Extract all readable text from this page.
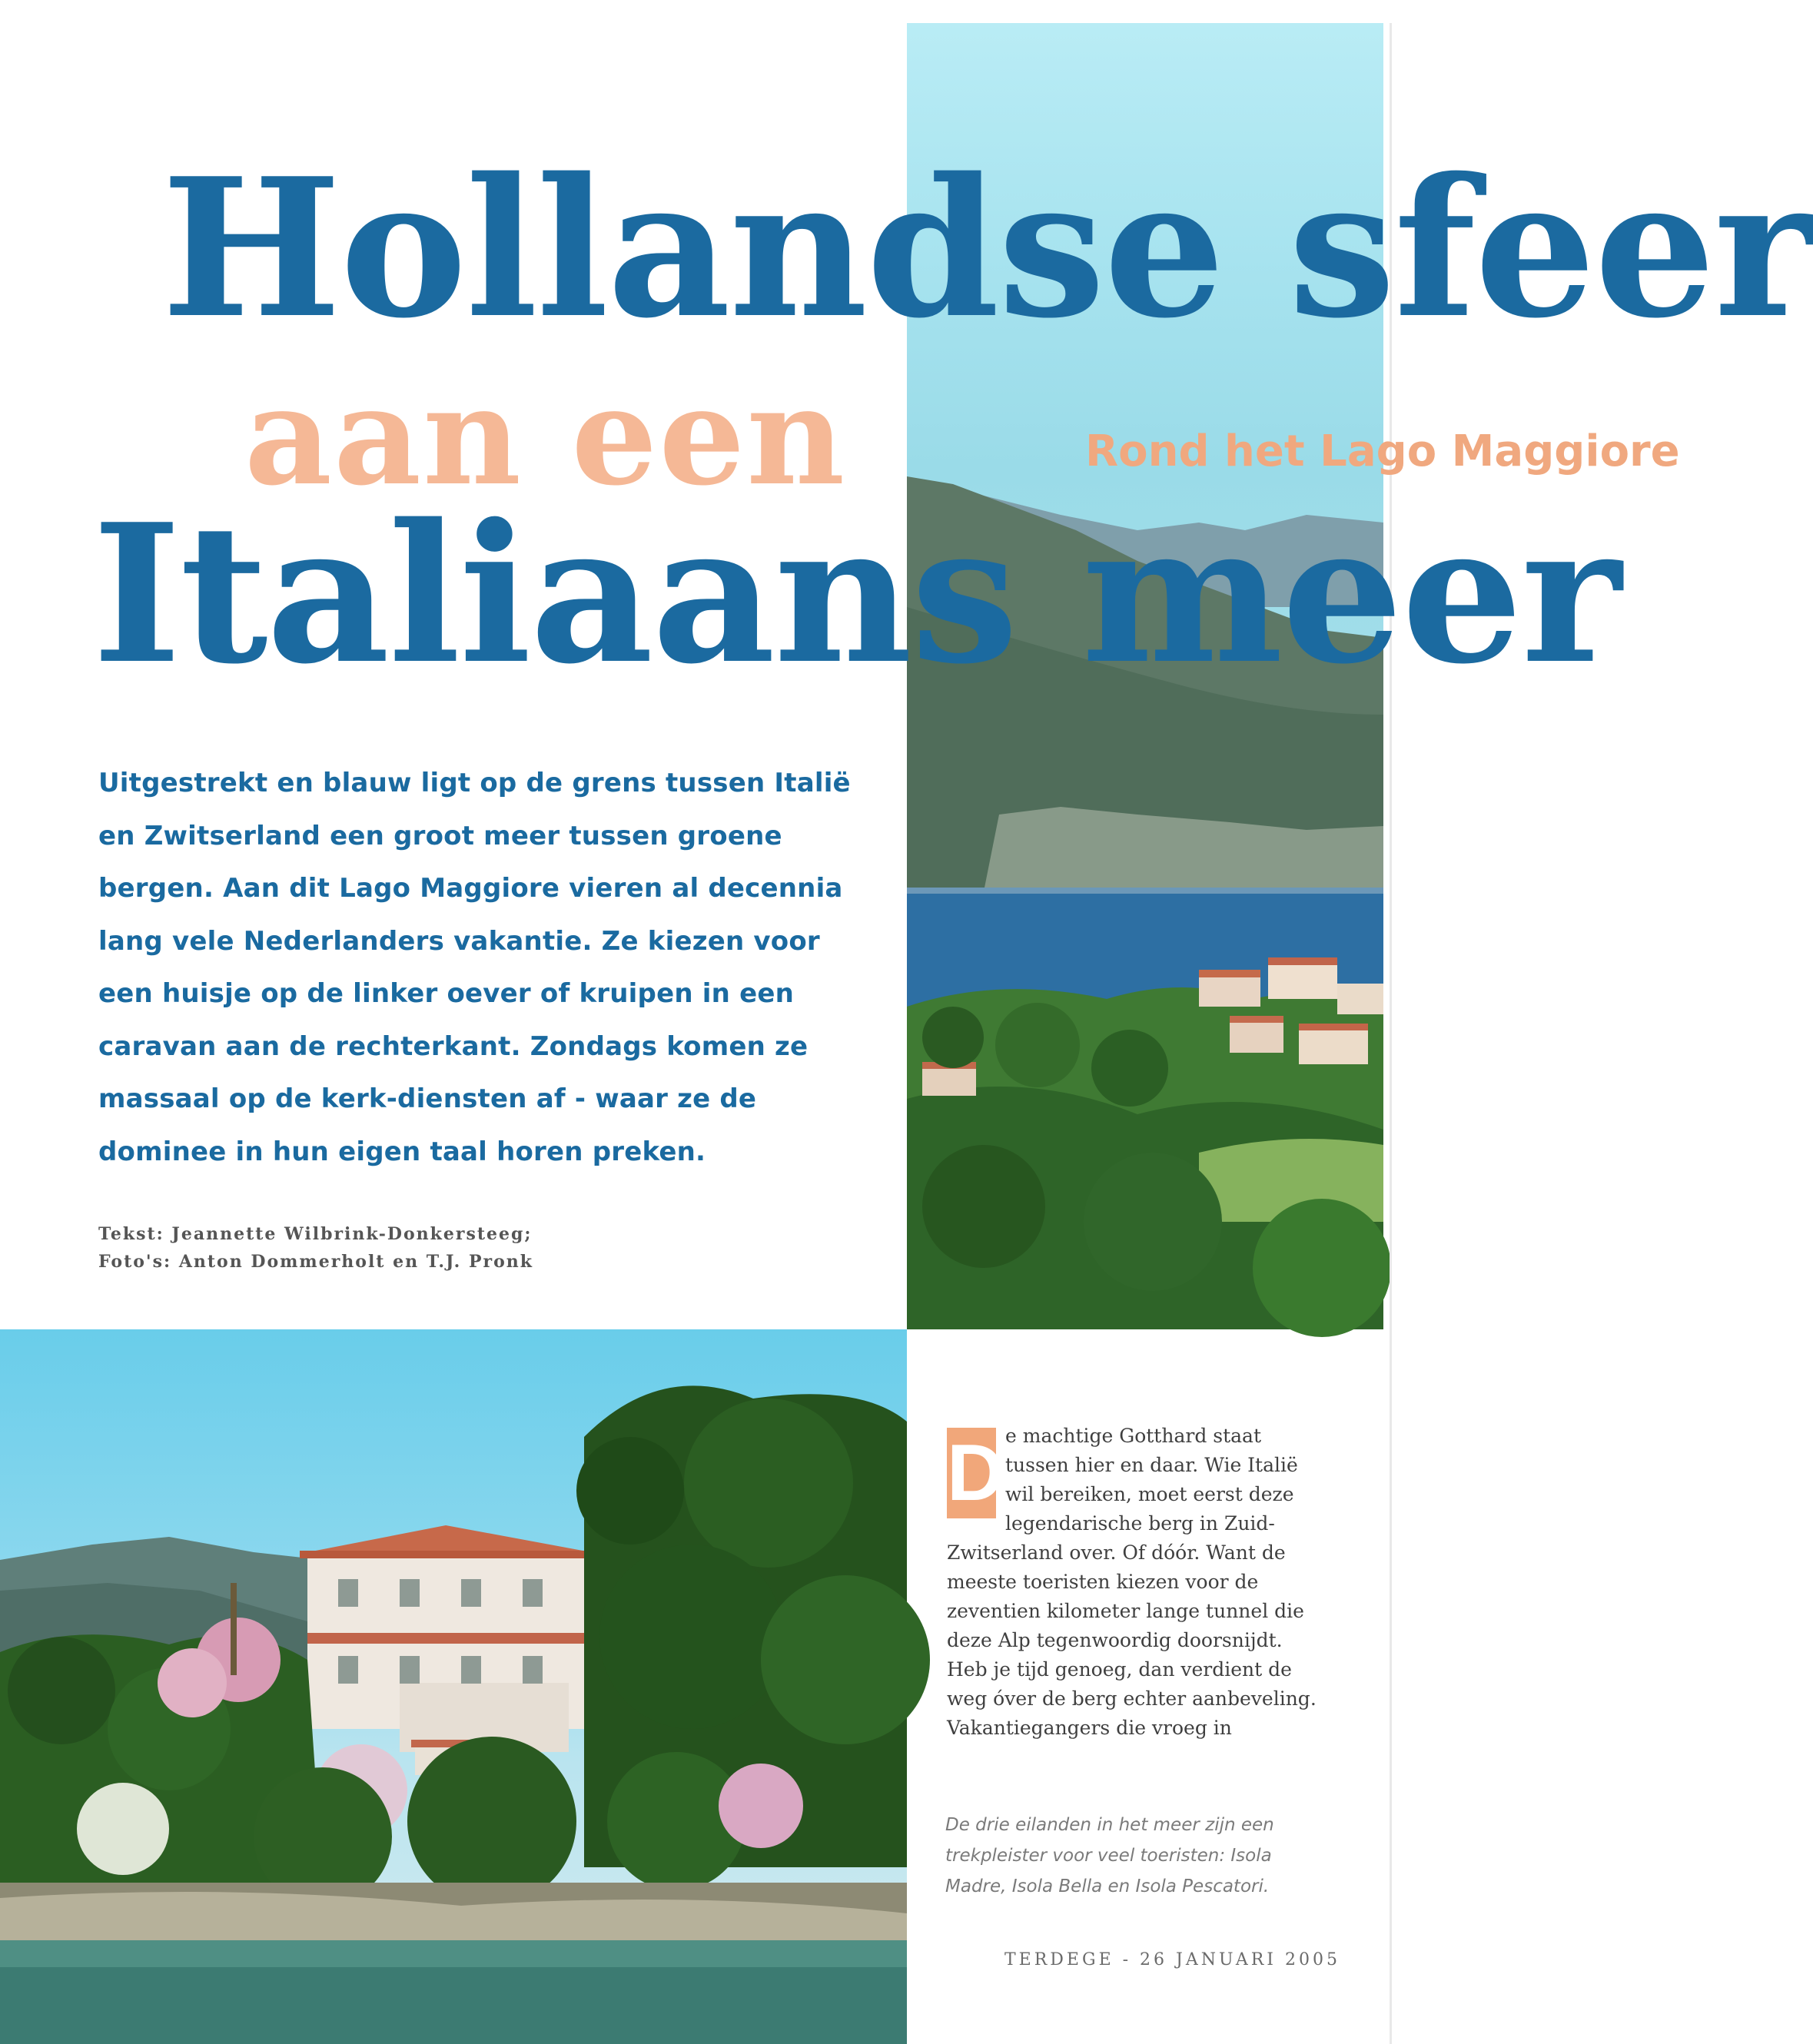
Hollandse sfeer
aan een
Italiaans meer
Rond het Lago Maggiore

Uitgestrekt en blauw ligt op de grens tussen Italië en Zwitserland een groot meer tussen groene bergen. Aan dit Lago Maggiore vieren al decennia lang vele Nederlanders vakantie. Ze kiezen voor een huisje op de linker oever of kruipen in een caravan aan de rechterkant. Zondags komen ze massaal op de kerk-diensten af - waar ze de dominee in hun eigen taal horen preken.

Tekst: Jeannette Wilbrink-Donkersteeg;
Foto's: Anton Dommerholt en T.J. Pronk
D e machtige Gotthard staat tussen hier en daar. Wie Italië wil bereiken, moet eerst deze legendarische berg in Zuid-Zwitserland over. Of dóór. Want de meeste toeristen kiezen voor de zeventien kilometer lange tunnel die deze Alp tegenwoordig doorsnijdt.

Heb je tijd genoeg, dan verdient de weg óver de berg echter aanbeveling. Vakantiegangers die vroeg in

De drie eilanden in het meer zijn een trekpleister voor veel toeristen: Isola Madre, Isola Bella en Isola Pescatori.

TERDEGE - 26 JANUARI 2005
